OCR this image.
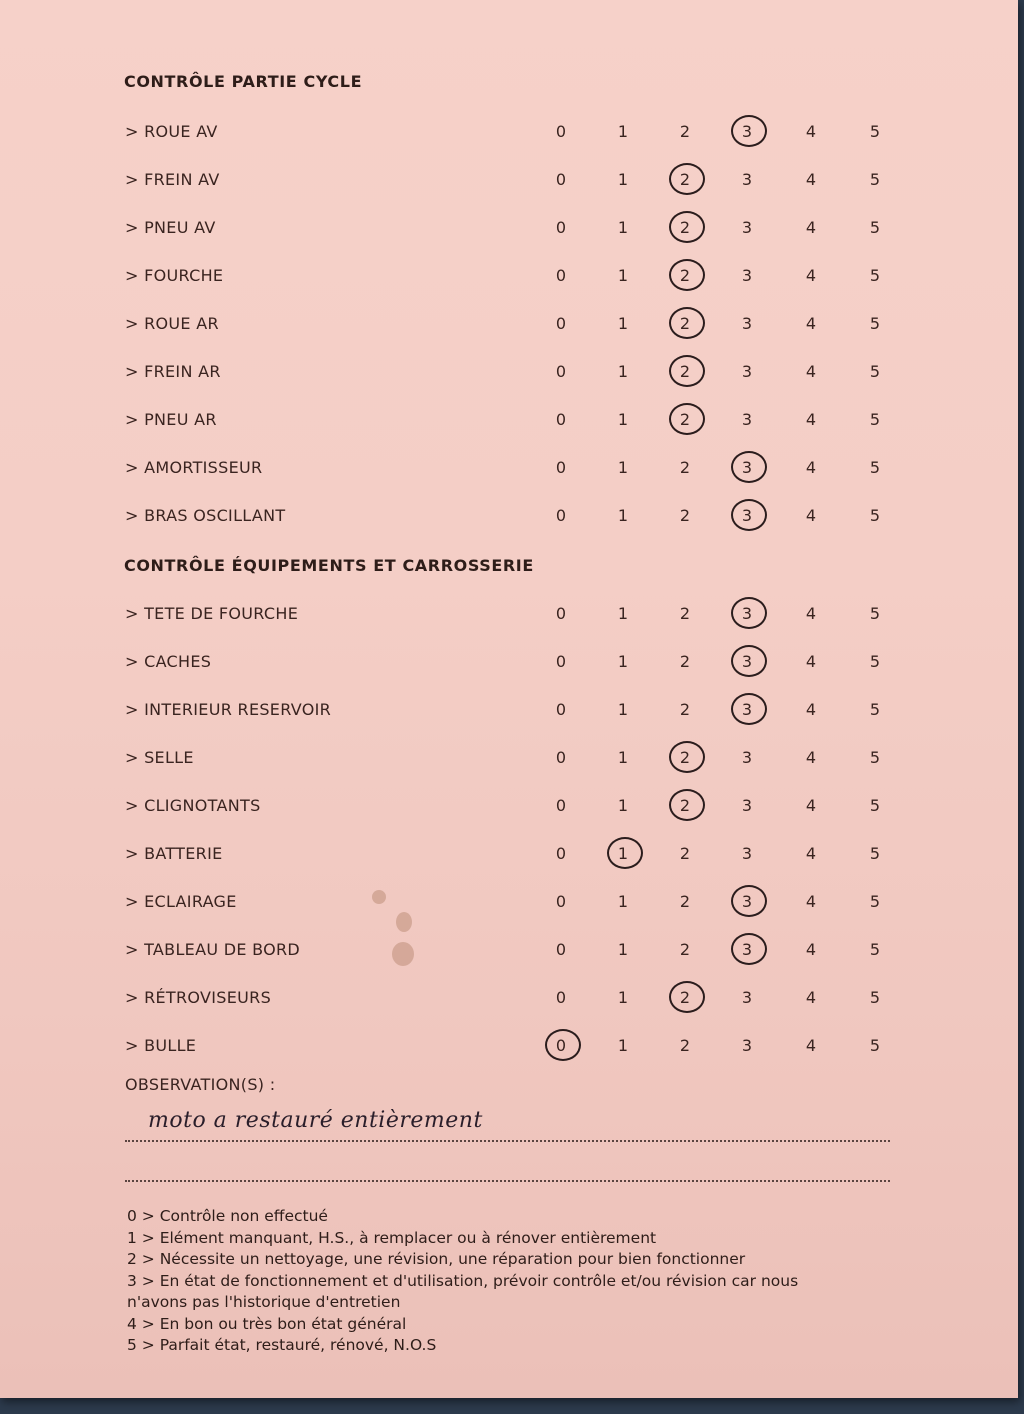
OBSERVATION(S) :
moto a restauré entièrement
0 > Contrôle non effectué
1 > Elément manquant, H.S., à remplacer ou à rénover entièrement
2 > Nécessite un nettoyage, une révision, une réparation pour bien fonctionner
3 > En état de fonctionnement et d'utilisation, prévoir contrôle et/ou révision car nous
n'avons pas l'historique d'entretien
4 > En bon ou très bon état général
5 > Parfait état, restauré, rénové, N.O.S
CONTRÔLE PARTIE CYCLE
> ROUE AV	0	1	2	3	4	5
> FREIN AV	0	1	2	3	4	5
> PNEU AV	0	1	2	3	4	5
> FOURCHE	0	1	2	3	4	5
> ROUE AR	0	1	2	3	4	5
> FREIN AR	0	1	2	3	4	5
> PNEU AR	0	1	2	3	4	5
> AMORTISSEUR	0	1	2	3	4	5
> BRAS OSCILLANT	0	1	2	3	4	5
CONTRÔLE ÉQUIPEMENTS ET CARROSSERIE
> TETE DE FOURCHE	0	1	2	3	4	5
> CACHES	0	1	2	3	4	5
> INTERIEUR RESERVOIR	0	1	2	3	4	5
> SELLE	0	1	2	3	4	5
> CLIGNOTANTS	0	1	2	3	4	5
> BATTERIE	0	1	2	3	4	5
> ECLAIRAGE	0	1	2	3	4	5
> TABLEAU DE BORD	0	1	2	3	4	5
> RÉTROVISEURS	0	1	2	3	4	5
> BULLE	0	1	2	3	4	5
